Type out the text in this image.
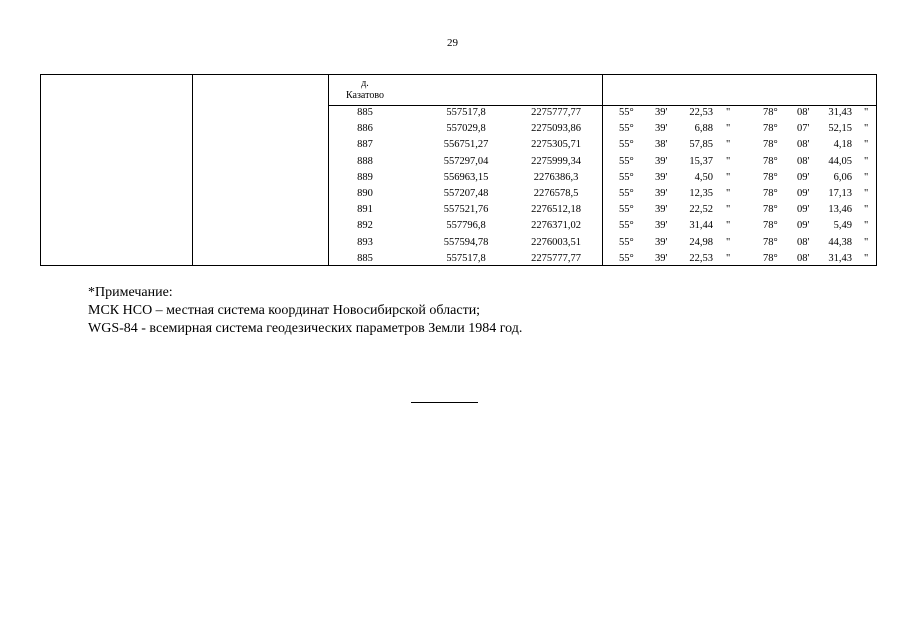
29
д.
Казатово
885	557517,8	2275777,77	55°	39'	22,53 "	78°	08'	31,43 "
886	557029,8	2275093,86	55°	39'	6,88 "	78°	07'	52,15 "
887	556751,27	2275305,71	55°	38'	57,85 "	78°	08'	4,18 "
888	557297,04	2275999,34	55°	39'	15,37 "	78°	08'	44,05 "
889	556963,15	2276386,3	55°	39'	4,50 "	78°	09'	6,06 "
890	557207,48	2276578,5	55°	39'	12,35 "	78°	09'	17,13 "
891	557521,76	2276512,18	55°	39'	22,52 "	78°	09'	13,46 "
892	557796,8	2276371,02	55°	39'	31,44 "	78°	09'	5,49 "
893	557594,78	2276003,51	55°	39'	24,98 "	78°	08'	44,38 "
885	557517,8	2275777,77	55°	39'	22,53 "	78°	08'	31,43 "
*Примечание:
МСК НСО – местная система координат Новосибирской области;
WGS-84 - всемирная система геодезических параметров Земли 1984 год.
